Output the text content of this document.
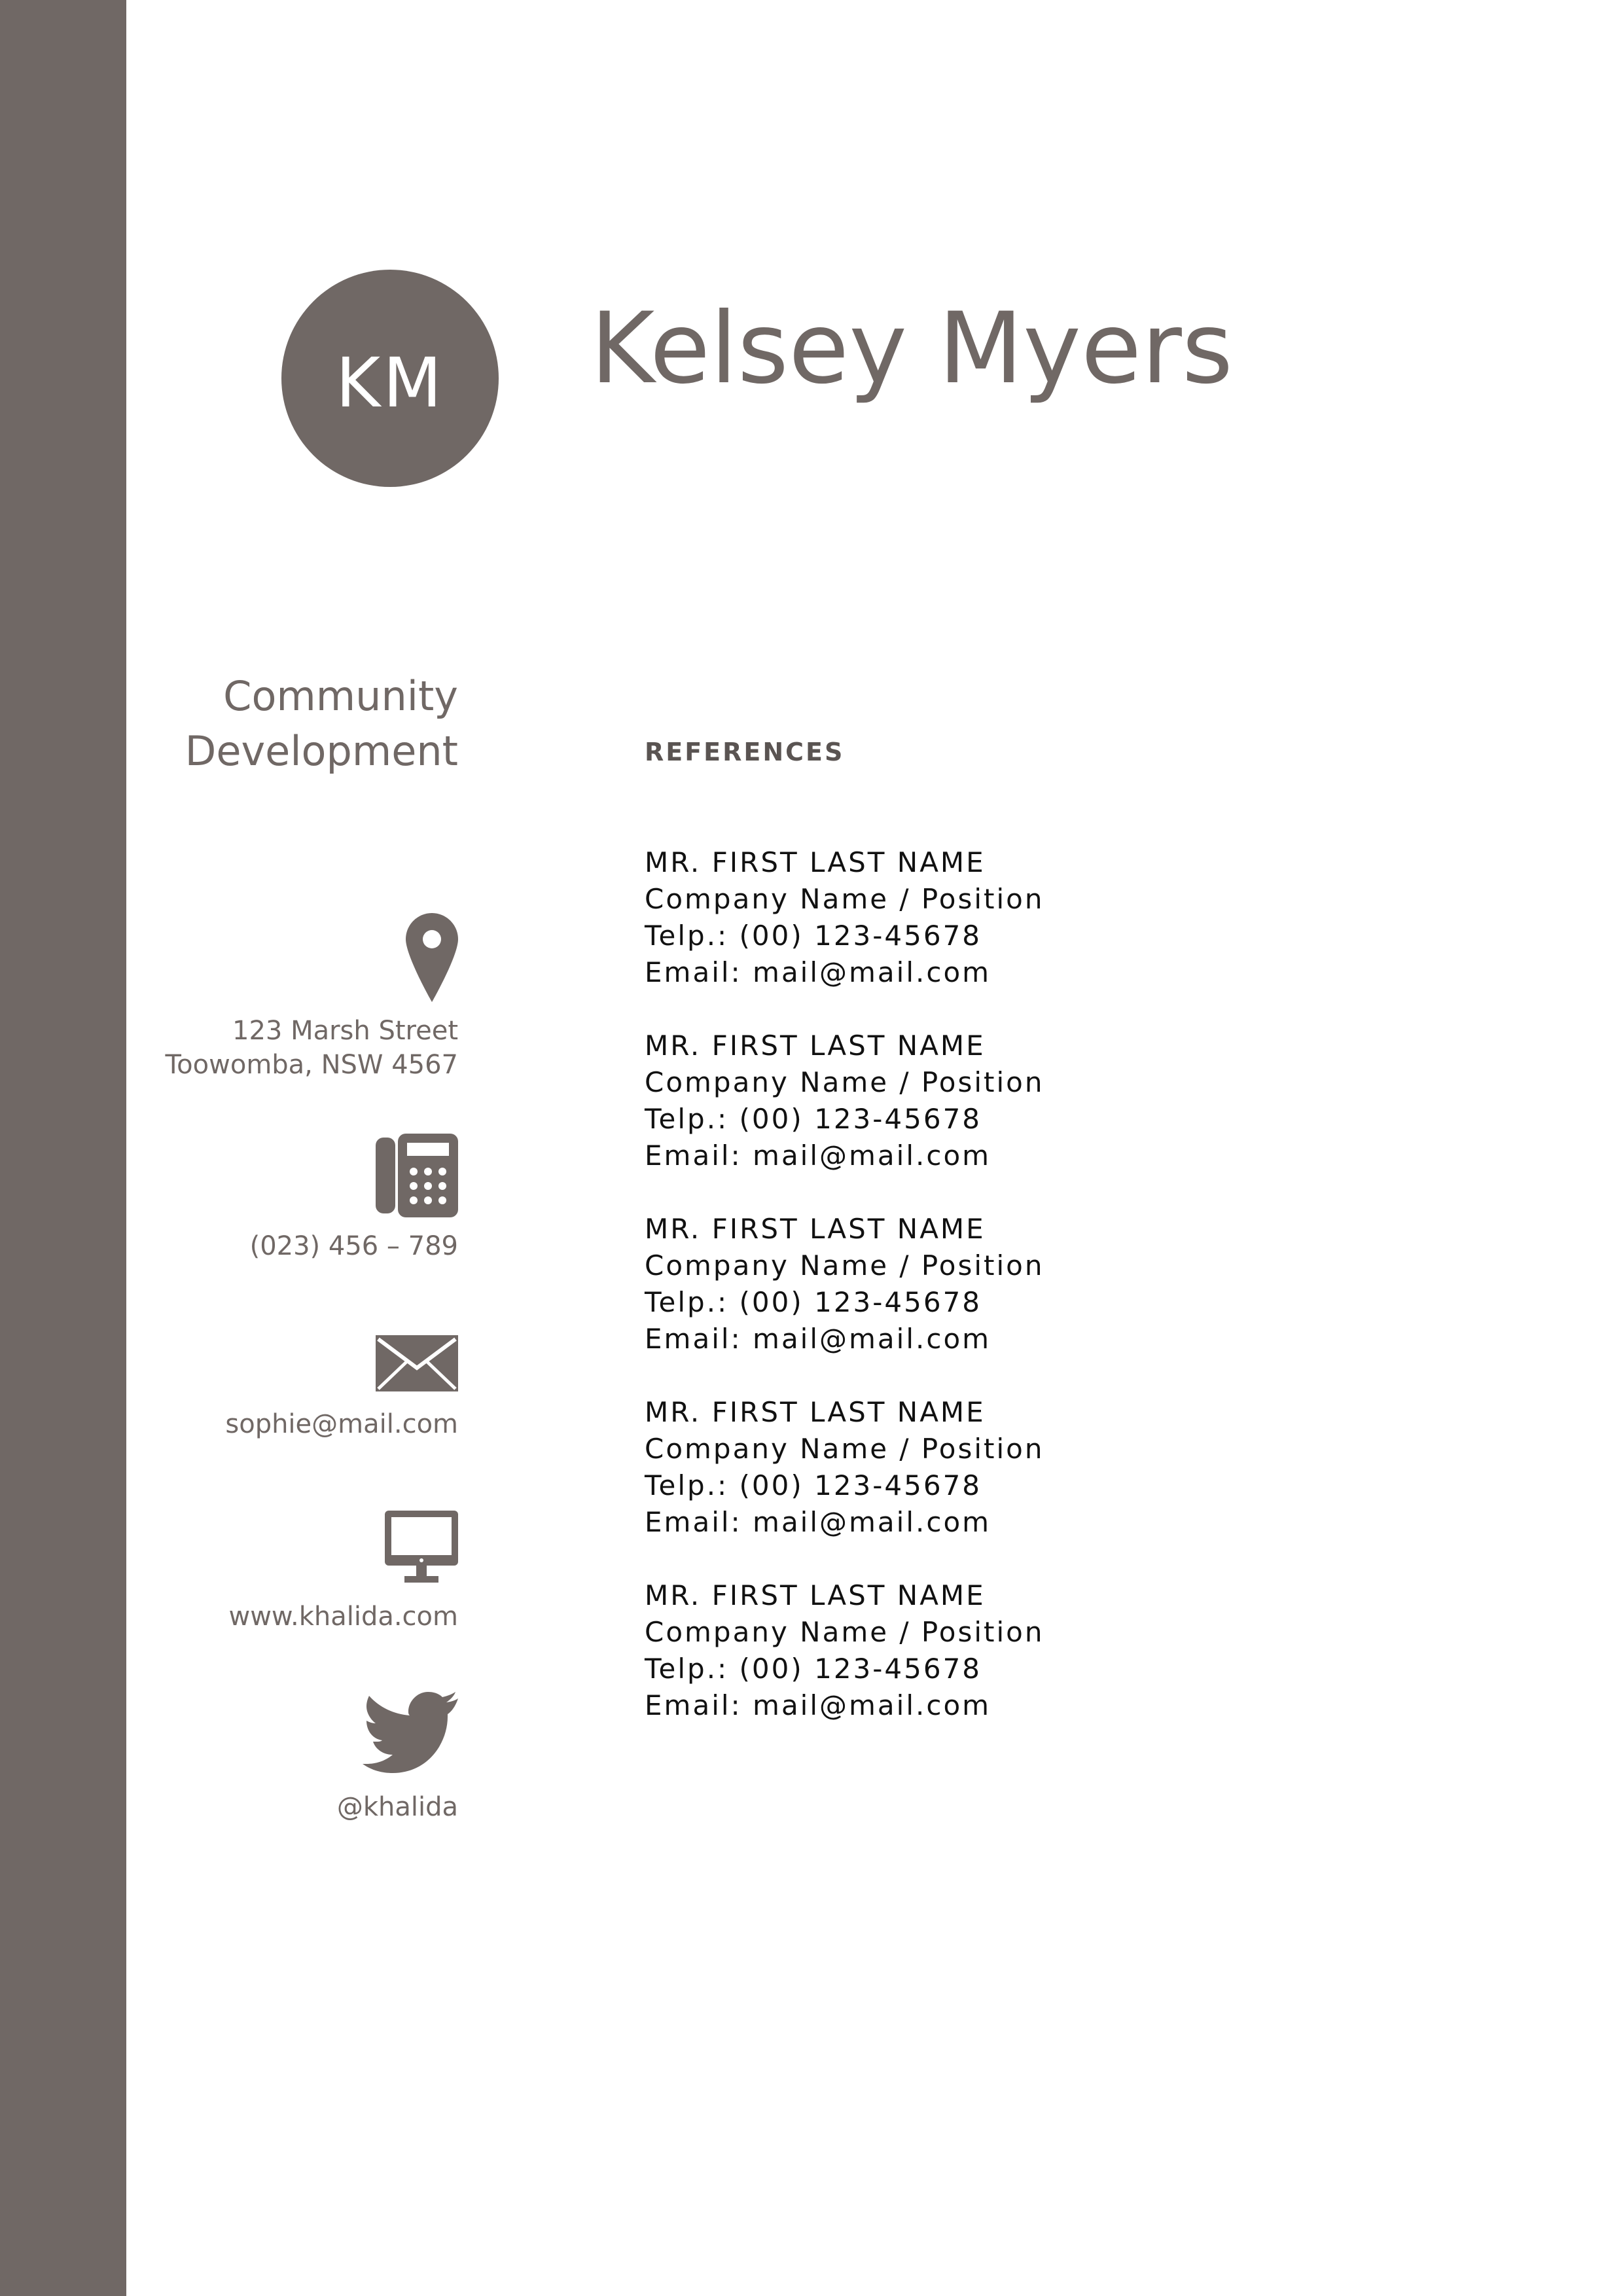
KM Kelsey Myers
Community
Development
123 Marsh Street
Toowomba, NSW 4567
(023) 456 – 789
sophie@mail.com
www.khalida.com
@khalida
REFERENCES
MR. FIRST LAST NAME
Company Name / Position
Telp.: (00) 123-45678
Email: mail@mail.com
MR. FIRST LAST NAME
Company Name / Position
Telp.: (00) 123-45678
Email: mail@mail.com
MR. FIRST LAST NAME
Company Name / Position
Telp.: (00) 123-45678
Email: mail@mail.com
MR. FIRST LAST NAME
Company Name / Position
Telp.: (00) 123-45678
Email: mail@mail.com
MR. FIRST LAST NAME
Company Name / Position
Telp.: (00) 123-45678
Email: mail@mail.com
